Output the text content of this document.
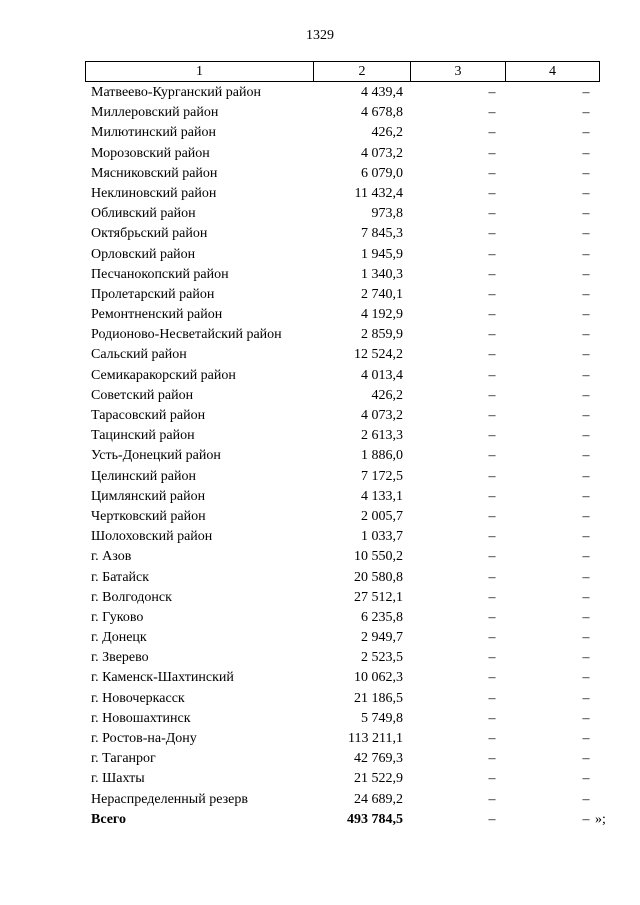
1329
1	2	3	4
Матвеево-Курганский район	4 439,4	–	–
Миллеровский район	4 678,8	–	–
Милютинский район	426,2	–	–
Морозовский район	4 073,2	–	–
Мясниковский район	6 079,0	–	–
Неклиновский район	11 432,4	–	–
Обливский район	973,8	–	–
Октябрьский район	7 845,3	–	–
Орловский район	1 945,9	–	–
Песчанокопский район	1 340,3	–	–
Пролетарский район	2 740,1	–	–
Ремонтненский район	4 192,9	–	–
Родионово-Несветайский район	2 859,9	–	–
Сальский район	12 524,2	–	–
Семикаракорский район	4 013,4	–	–
Советский район	426,2	–	–
Тарасовский район	4 073,2	–	–
Тацинский район	2 613,3	–	–
Усть-Донецкий район	1 886,0	–	–
Целинский район	7 172,5	–	–
Цимлянский район	4 133,1	–	–
Чертковский район	2 005,7	–	–
Шолоховский район	1 033,7	–	–
г. Азов	10 550,2	–	–
г. Батайск	20 580,8	–	–
г. Волгодонск	27 512,1	–	–
г. Гуково	6 235,8	–	–
г. Донецк	2 949,7	–	–
г. Зверево	2 523,5	–	–
г. Каменск-Шахтинский	10 062,3	–	–
г. Новочеркасск	21 186,5	–	–
г. Новошахтинск	5 749,8	–	–
г. Ростов-на-Дону	113 211,1	–	–
г. Таганрог	42 769,3	–	–
г. Шахты	21 522,9	–	–
Нераспределенный резерв	24 689,2	–	–
Всего	493 784,5	–	– »;
